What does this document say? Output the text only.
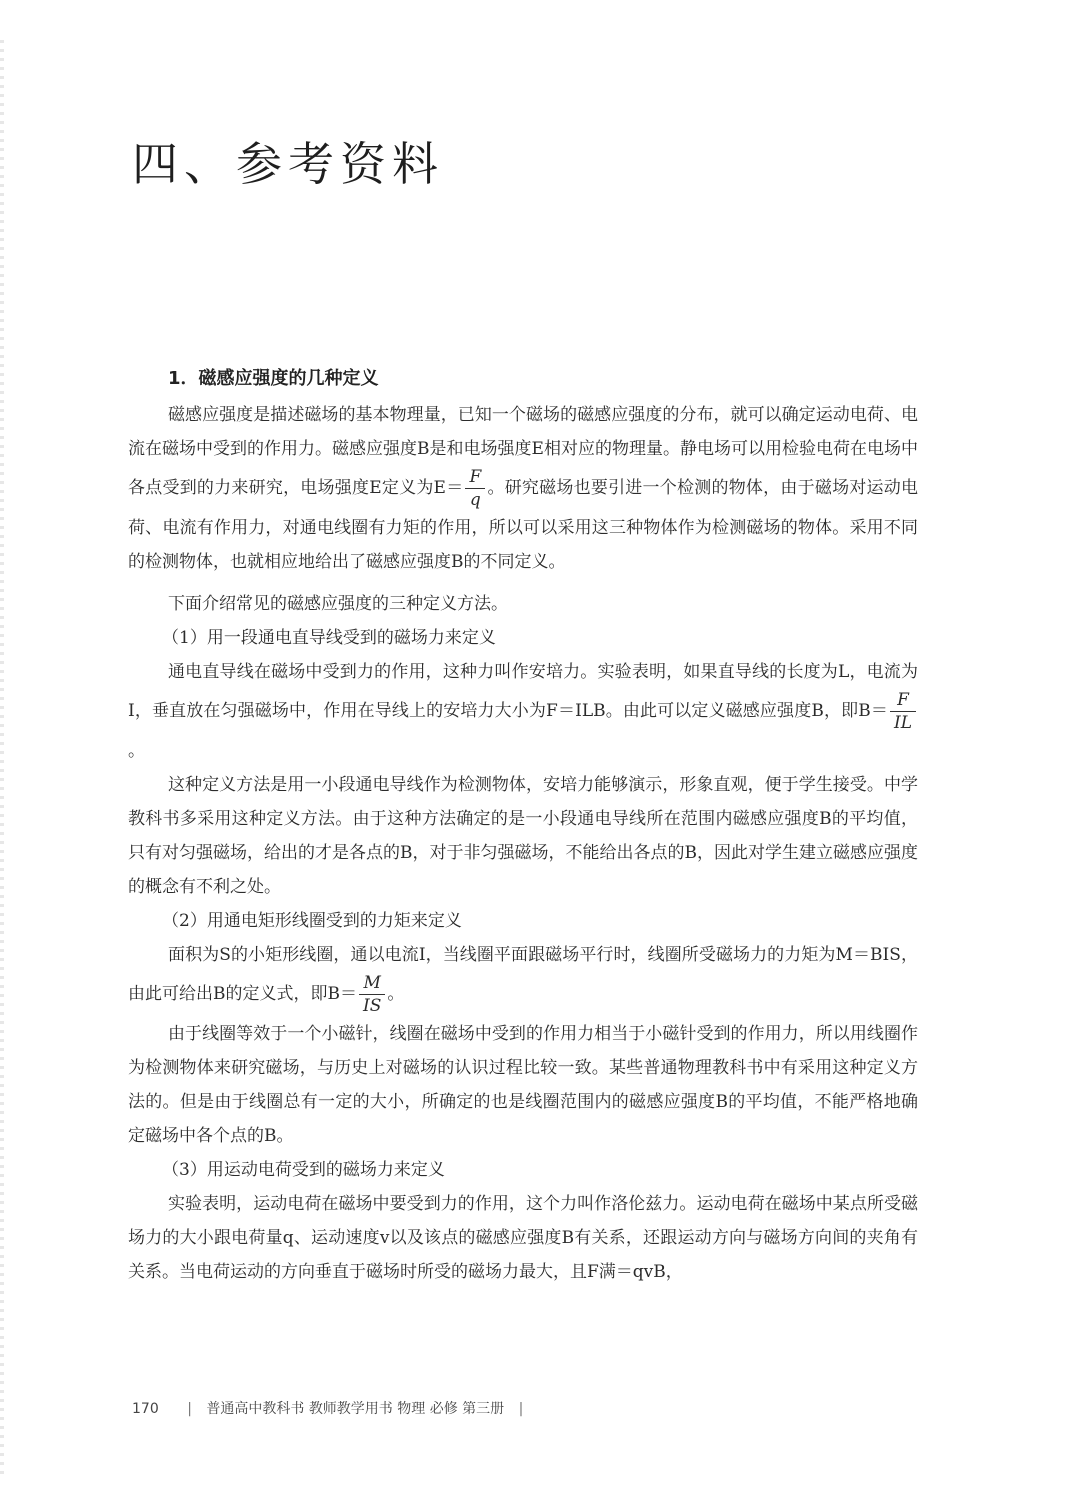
四、参考资料
1．磁感应强度的几种定义

磁感应强度是描述磁场的基本物理量，已知一个磁场的磁感应强度的分布，就可以确定运动电荷、电流在磁场中受到的作用力。磁感应强度B是和电场强度E相对应的物理量。静电场可以用检验电荷在电场中各点受到的力来研究，电场强度E定义为$E= \frac{F}{q}$ 。研究磁场也要引进一个检测的物体，由于磁场对运动电荷、电流有作用力，对通电线圈有力矩的作用，所以可以采用这三种物体作为检测磁场的物体。采用不同的检测物体，也就相应地给出了磁感应强度B的不同定义。

下面介绍常见的磁感应强度的三种定义方法。

（1）用一段通电直导线受到的磁场力来定义

通电直导线在磁场中受到力的作用，这种力叫作安培力。实验表明，如果直导线的长度为L，电流为I，垂直放在匀强磁场中，作用在导线上的安培力大小为F＝ILB。由此可以定义磁感应强度B，即$B= \frac{F}{IL}$
。

这种定义方法是用一小段通电导线作为检测物体，安培力能够演示，形象直观，便于学生接受。中学教科书多采用这种定义方法。由于这种方法确定的是一小段通电导线所在范围内磁感应强度B的平均值，只有对匀强磁场，给出的才是各点的B，对于非匀强磁场，不能给出各点的B，因此对学生建立磁感应强度的概念有不利之处。

（2）用通电矩形线圈受到的力矩来定义

面积为S的小矩形线圈，通以电流I，当线圈平面跟磁场平行时，线圈所受磁场力的力矩为M＝BIS，由此可给出B的定义式，即$B= \frac{M}{IS}$ 。

由于线圈等效于一个小磁针，线圈在磁场中受到的作用力相当于小磁针受到的作用力，所以用线圈作为检测物体来研究磁场，与历史上对磁场的认识过程比较一致。某些普通物理教科书中有采用这种定义方法的。但是由于线圈总有一定的大小，所确定的也是线圈范围内的磁感应强度B的平均值，不能严格地确定磁场中各个点的B。

（3）用运动电荷受到的磁场力来定义

实验表明，运动电荷在磁场中要受到力的作用，这个力叫作洛伦兹力。运动电荷在磁场中某点所受磁场力的大小跟电荷量q、运动速度v以及该点的磁感应强度B有关系，还跟运动方向与磁场方向间的夹角有关系。当电荷运动的方向垂直于磁场时所受的磁场力最大，且F满＝qvB，

170 | 普通高中教科书 教师教学用书 物理 必修 第三册 |
